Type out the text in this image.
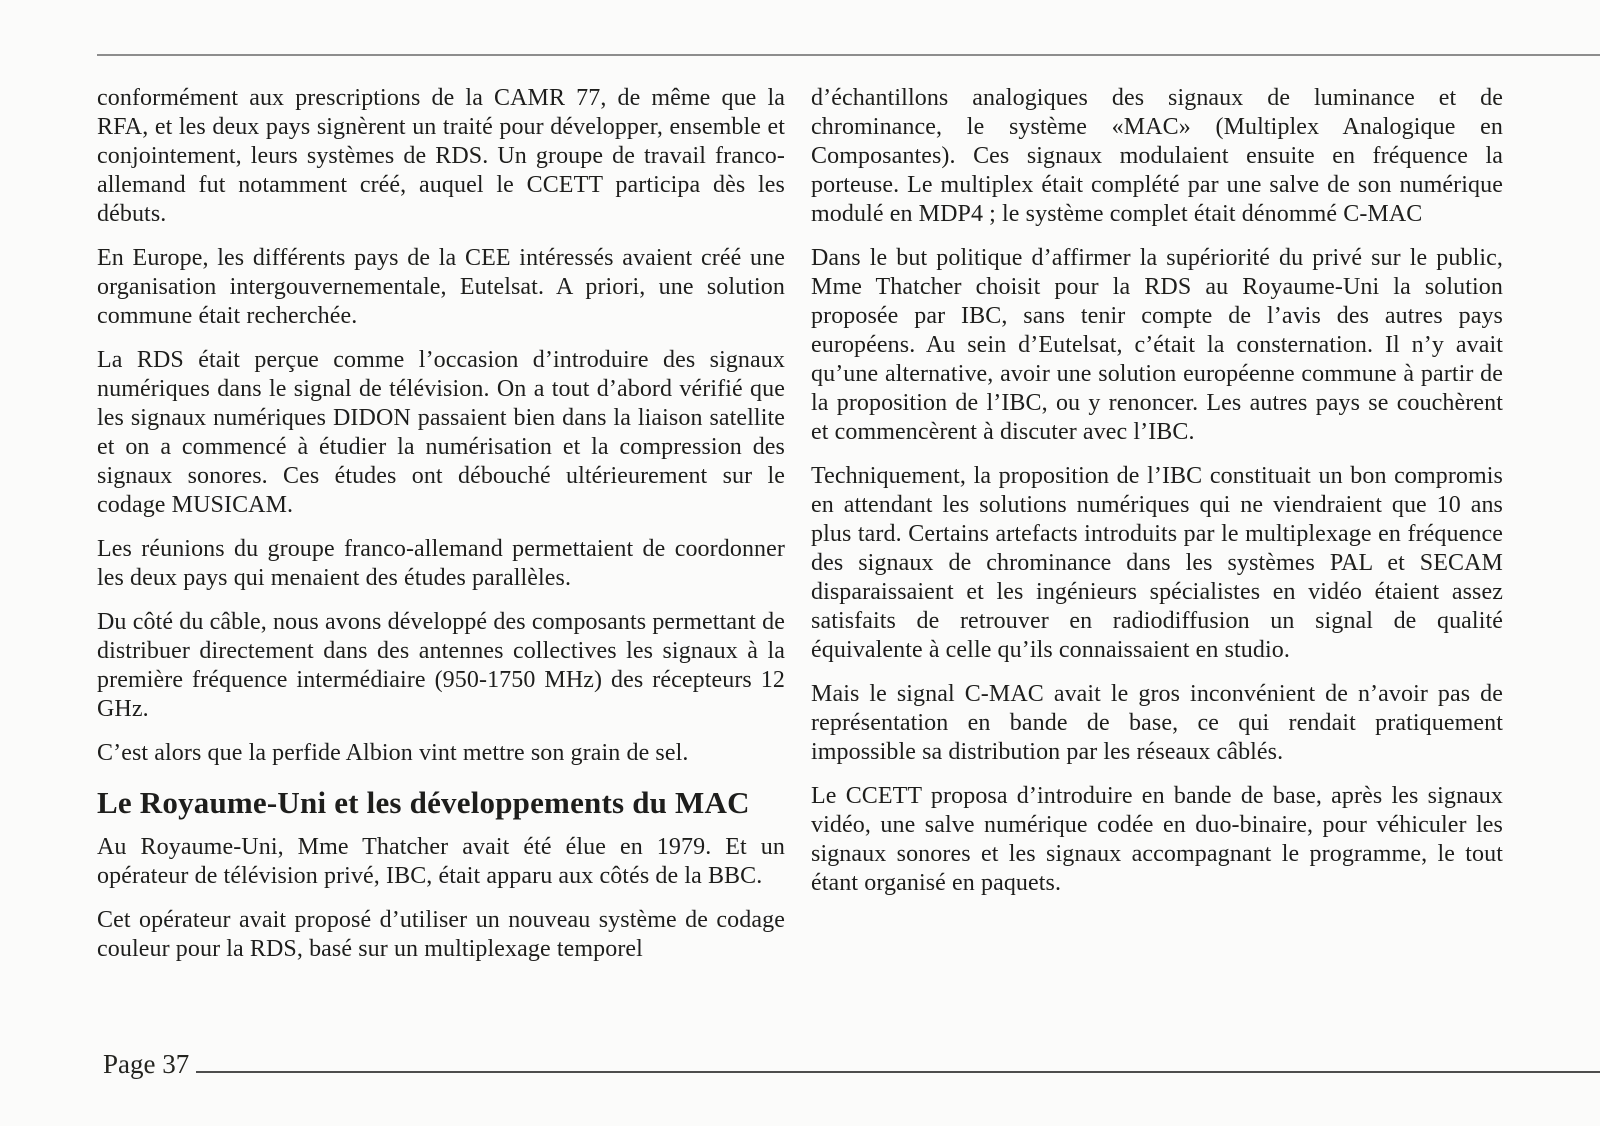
conformément aux prescriptions de la CAMR 77, de même que la RFA, et les deux pays signèrent un traité pour développer, ensemble et conjointement, leurs systèmes de RDS. Un groupe de travail franco-allemand fut notamment créé, auquel le CCETT participa dès les débuts.

En Europe, les différents pays de la CEE intéressés avaient créé une organisation intergouvernementale, Eutelsat. A priori, une solution commune était recherchée.

La RDS était perçue comme l’occasion d’introduire des signaux numériques dans le signal de télévision. On a tout d’abord vérifié que les signaux numériques DIDON passaient bien dans la liaison satellite et on a commencé à étudier la numérisation et la compression des signaux sonores. Ces études ont débouché ultérieurement sur le codage MUSICAM.

Les réunions du groupe franco-allemand permettaient de coordonner les deux pays qui menaient des études parallèles.

Du côté du câble, nous avons développé des composants permettant de distribuer directement dans des antennes collectives les signaux à la première fréquence intermédiaire (950-1750 MHz) des récepteurs 12 GHz.

C’est alors que la perfide Albion vint mettre son grain de sel.

Le Royaume-Uni et les développements du MAC

Au Royaume-Uni, Mme Thatcher avait été élue en 1979. Et un opérateur de télévision privé, IBC, était apparu aux côtés de la BBC.

Cet opérateur avait proposé d’utiliser un nouveau système de codage couleur pour la RDS, basé sur un multiplexage temporel

d’échantillons analogiques des signaux de luminance et de chrominance, le système «MAC» (Multiplex Analogique en Composantes). Ces signaux modulaient ensuite en fréquence la porteuse. Le multiplex était complété par une salve de son numérique modulé en MDP4 ; le système complet était dénommé C-MAC

Dans le but politique d’affirmer la supériorité du privé sur le public, Mme Thatcher choisit pour la RDS au Royaume-Uni la solution proposée par IBC, sans tenir compte de l’avis des autres pays européens. Au sein d’Eutelsat, c’était la consternation. Il n’y avait qu’une alternative, avoir une solution européenne commune à partir de la proposition de l’IBC, ou y renoncer. Les autres pays se couchèrent et commencèrent à discuter avec l’IBC.

Techniquement, la proposition de l’IBC constituait un bon compromis en attendant les solutions numériques qui ne viendraient que 10 ans plus tard. Certains artefacts introduits par le multiplexage en fréquence des signaux de chrominance dans les systèmes PAL et SECAM disparaissaient et les ingénieurs spécialistes en vidéo étaient assez satisfaits de retrouver en radiodiffusion un signal de qualité équivalente à celle qu’ils connaissaient en studio.

Mais le signal C-MAC avait le gros inconvénient de n’avoir pas de représentation en bande de base, ce qui rendait pratiquement impossible sa distribution par les réseaux câblés.

Le CCETT proposa d’introduire en bande de base, après les signaux vidéo, une salve numérique codée en duo-binaire, pour véhiculer les signaux sonores et les signaux accompagnant le programme, le tout étant organisé en paquets.

Page 37
